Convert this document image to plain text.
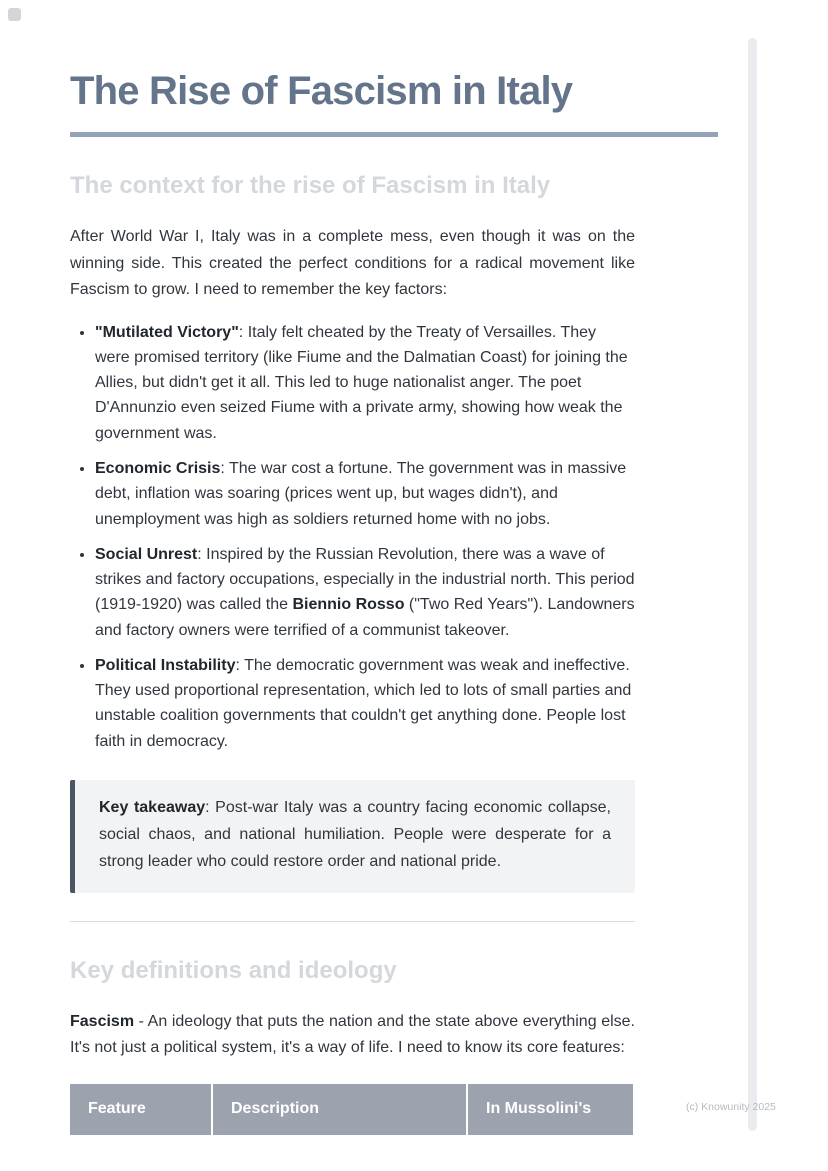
The Rise of Fascism in Italy
The context for the rise of Fascism in Italy

After World War I, Italy was in a complete mess, even though it was on the winning side. This created the perfect conditions for a radical movement like Fascism to grow. I need to remember the key factors:

• "Mutilated Victory": Italy felt cheated by the Treaty of Versailles. They were promised territory (like Fiume and the Dalmatian Coast) for joining the Allies, but didn't get it all. This led to huge nationalist anger. The poet D'Annunzio even seized Fiume with a private army, showing how weak the government was.
• Economic Crisis: The war cost a fortune. The government was in massive debt, inflation was soaring (prices went up, but wages didn't), and unemployment was high as soldiers returned home with no jobs.
• Social Unrest: Inspired by the Russian Revolution, there was a wave of strikes and factory occupations, especially in the industrial north. This period (1919-1920) was called the Biennio Rosso ("Two Red Years"). Landowners and factory owners were terrified of a communist takeover.
• Political Instability: The democratic government was weak and ineffective. They used proportional representation, which led to lots of small parties and unstable coalition governments that couldn't get anything done. People lost faith in democracy.

Key takeaway: Post-war Italy was a country facing economic collapse, social chaos, and national humiliation. People were desperate for a strong leader who could restore order and national pride.

Key definitions and ideology

Fascism - An ideology that puts the nation and the state above everything else. It's not just a political system, it's a way of life. I need to know its core features:

Feature	Description	In Mussolini's	(c) Knowunity 2025
